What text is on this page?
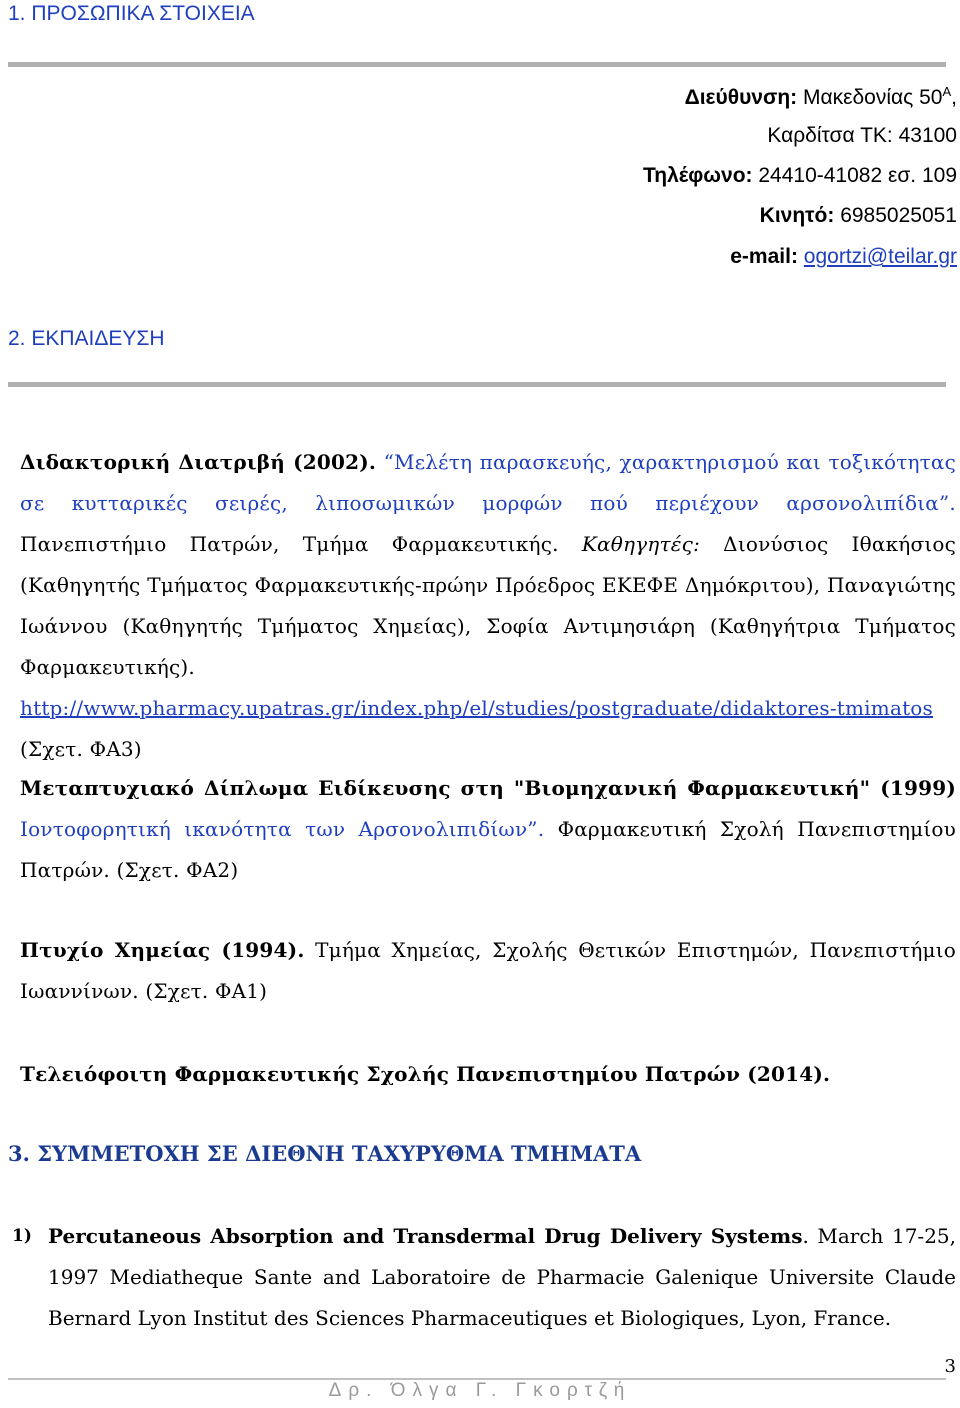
1. ΠΡΟΣΩΠΙΚΑ ΣΤΟΙΧΕΙΑ
Διεύθυνση: Μακεδονίας $50^A$,
Καρδίτσα ΤΚ: 43100
Τηλέφωνο: 24410-41082 εσ. 109
Κινητό: 6985025051
e-mail: ogortzi@teilar.gr
2. ΕΚΠΑΙΔΕΥΣΗ
Διδακτορική Διατριβή (2002). “Μελέτη παρασκευής, χαρακτηρισμού και τοξικότητας σε κυτταρικές σειρές, λιποσωμικών μορφών πού περιέχουν αρσονολιπίδια”. Πανεπιστήμιο Πατρών, Τμήμα Φαρμακευτικής. Καθηγητές: Διονύσιος Ιθακήσιος (Καθηγητής Τμήματος Φαρμακευτικής-πρώην Πρόεδρος ΕΚΕΦΕ Δημόκριτου), Παναγιώτης Ιωάννου (Καθηγητής Τμήματος Χημείας), Σοφία Αντιμησιάρη (Καθηγήτρια Τμήματος Φαρμακευτικής). http://www.pharmacy.upatras.gr/index.php/el/studies/postgraduate/didaktores-tmimatos
(Σχετ. ΦΑ3)
Μεταπτυχιακό Δίπλωμα Ειδίκευσης στη "Βιομηχανική Φαρμακευτική" (1999) Ιοντοφορητική ικανότητα των Αρσονολιπιδίων”. Φαρμακευτική Σχολή Πανεπιστημίου Πατρών. (Σχετ. ΦΑ2)
Πτυχίο Χημείας (1994). Τμήμα Χημείας, Σχολής Θετικών Επιστημών, Πανεπιστήμιο Ιωαννίνων. (Σχετ. ΦΑ1)
Τελειόφοιτη Φαρμακευτικής Σχολής Πανεπιστημίου Πατρών (2014).
3. ΣΥΜΜΕΤΟΧΗ ΣΕ ΔΙΕΘΝΗ ΤΑΧΥΡΥΘΜΑ ΤΜΗΜΑΤΑ
1) Percutaneous Absorption and Transdermal Drug Delivery Systems. March 17-25, 1997 Mediatheque Sante and Laboratoire de Pharmacie Galenique Universite Claude Bernard Lyon Institut des Sciences Pharmaceutiques et Biologiques, Lyon, France.
3
Δρ. Όλγα Γ. Γκορτζή
